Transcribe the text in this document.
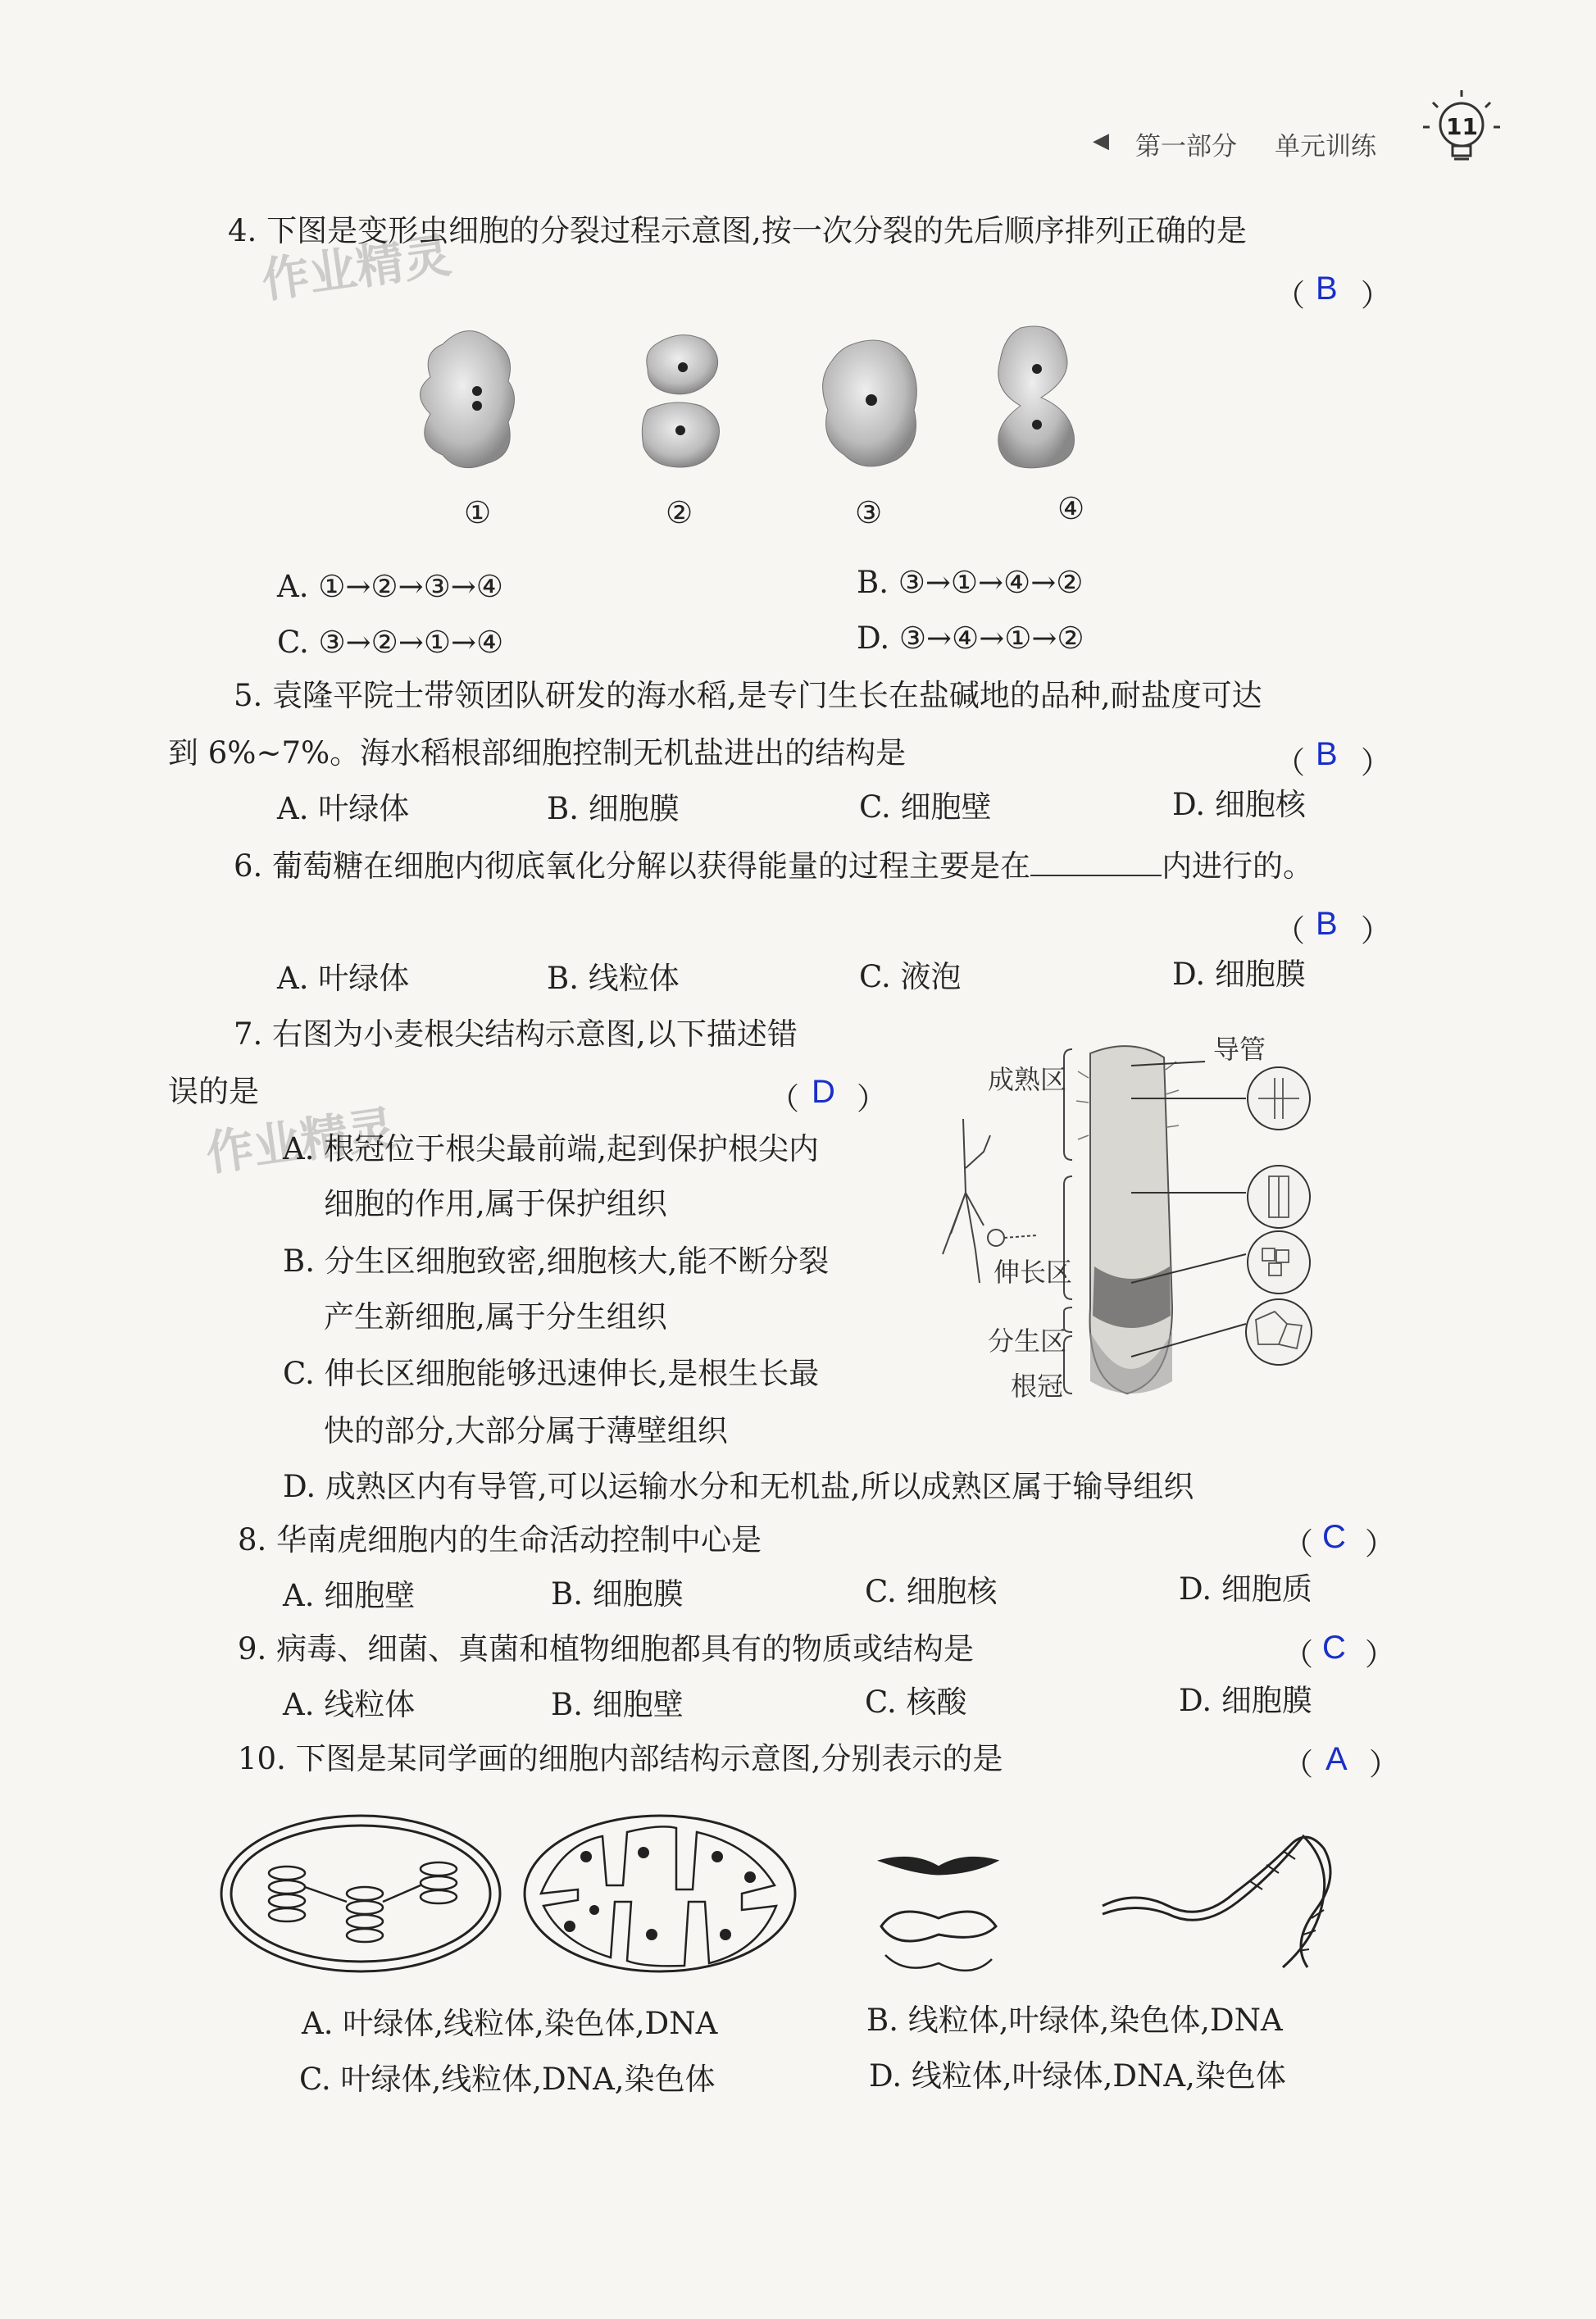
◀ 第一部分 单元训练
11
作业精灵
作业精灵
4. 下图是变形虫细胞的分裂过程示意图,按一次分裂的先后顺序排列正确的是
（ B ）
①	②	③	④
A. ①→②→③→④	B. ③→①→④→②
C. ③→②→①→④	D. ③→④→①→②
5. 袁隆平院士带领团队研发的海水稻,是专门生长在盐碱地的品种,耐盐度可达
到 6%~7%。海水稻根部细胞控制无机盐进出的结构是	（ B ）
A. 叶绿体	B. 细胞膜	C. 细胞壁	D. 细胞核
6. 葡萄糖在细胞内彻底氧化分解以获得能量的过程主要是在	内进行的。
（ B ）
A. 叶绿体	B. 线粒体	C. 液泡	D. 细胞膜
7. 右图为小麦根尖结构示意图,以下描述错
误的是	（ D ）
A. 根冠位于根尖最前端,起到保护根尖内
细胞的作用,属于保护组织
B. 分生区细胞致密,细胞核大,能不断分裂
产生新细胞,属于分生组织
C. 伸长区细胞能够迅速伸长,是根生长最
快的部分,大部分属于薄壁组织
D. 成熟区内有导管,可以运输水分和无机盐,所以成熟区属于输导组织
导管
成熟区
伸长区
分生区
根冠
8. 华南虎细胞内的生命活动控制中心是	（ C ）
A. 细胞壁	B. 细胞膜	C. 细胞核	D. 细胞质
9. 病毒、细菌、真菌和植物细胞都具有的物质或结构是	（ C ）
A. 线粒体	B. 细胞壁	C. 核酸	D. 细胞膜
10. 下图是某同学画的细胞内部结构示意图,分别表示的是	（ A ）
A. 叶绿体,线粒体,染色体,DNA	B. 线粒体,叶绿体,染色体,DNA
C. 叶绿体,线粒体,DNA,染色体	D. 线粒体,叶绿体,DNA,染色体
